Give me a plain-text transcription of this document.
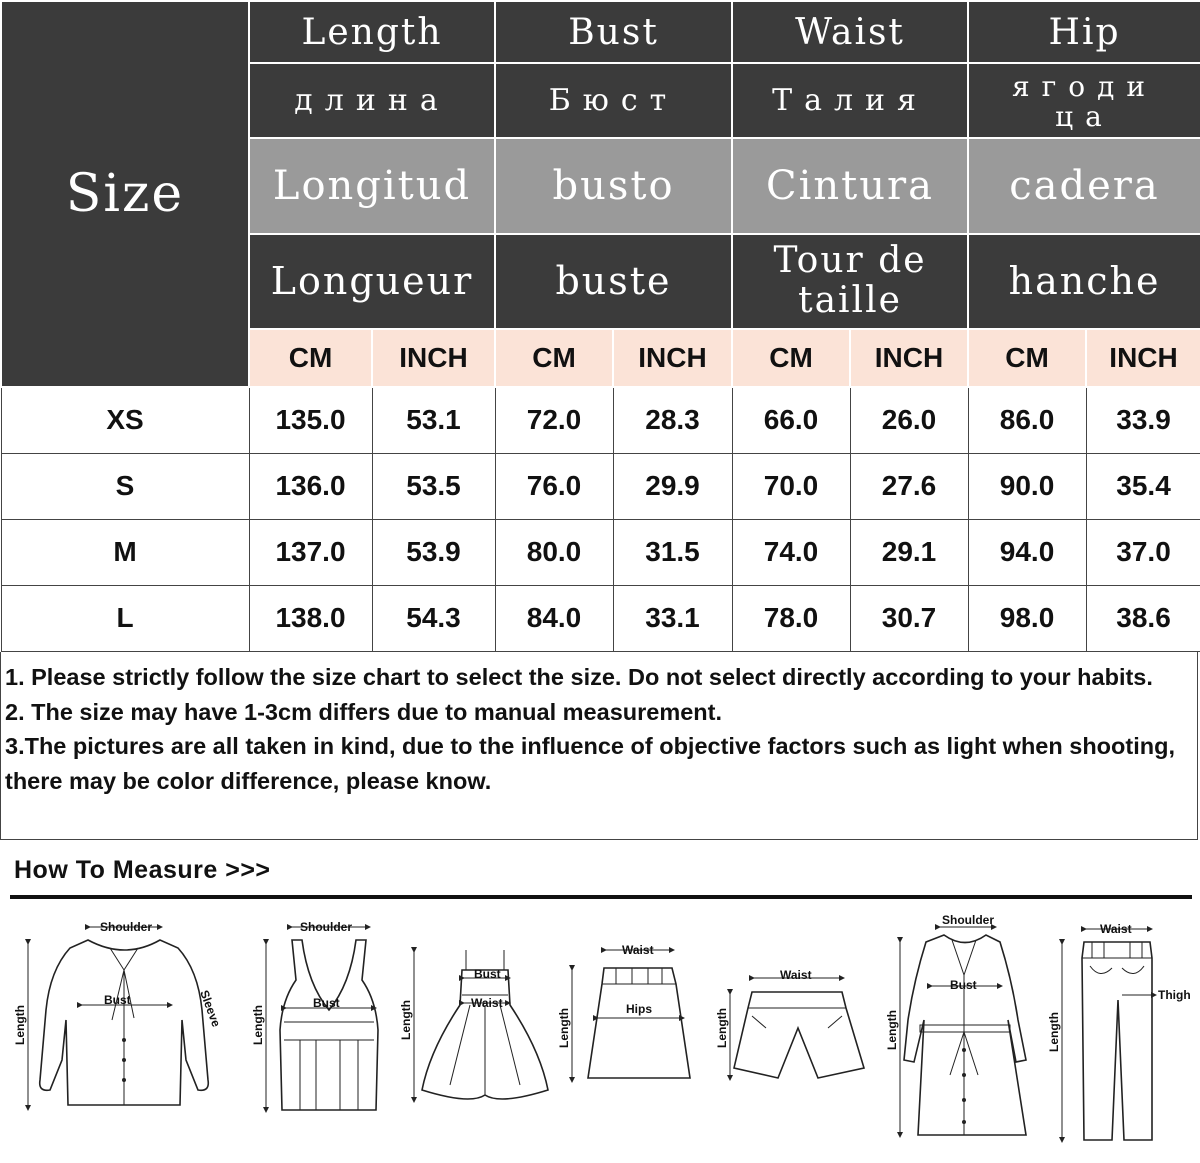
Size	Length		Bust		Waist		Hip	
	длина		Бюст		Талия		ягоди
ца	

	Longitud		busto		Cintura		cadera	
	Longueur		buste		Tour de
taille		hanche	
	CM	INCH	CM	INCH	CM	INCH	CM	INCH
XS	135.0	53.1	72.0	28.3	66.0	26.0	86.0	33.9
S	136.0	53.5	76.0	29.9	70.0	27.6	90.0	35.4
M	137.0	53.9	80.0	31.5	74.0	29.1	94.0	37.0
L	138.0	54.3	84.0	33.1	78.0	30.7	98.0	38.6

1. Please strictly follow the size chart to select the size. Do not select directly according to your habits.

2. The size may have 1-3cm differs due to manual measurement.

3.The pictures are all taken in kind, due to the influence of objective factors such as light when shooting, there may be color difference, please know.

How To Measure >>>
Shoulder
Bust
Length	Sleeve
Shoulder
Bust
Length
Bust
Waist
Length
Waist
Hips
Length
Waist
Length
Shoulder
Bust
Length
Waist
Thigh
Length
